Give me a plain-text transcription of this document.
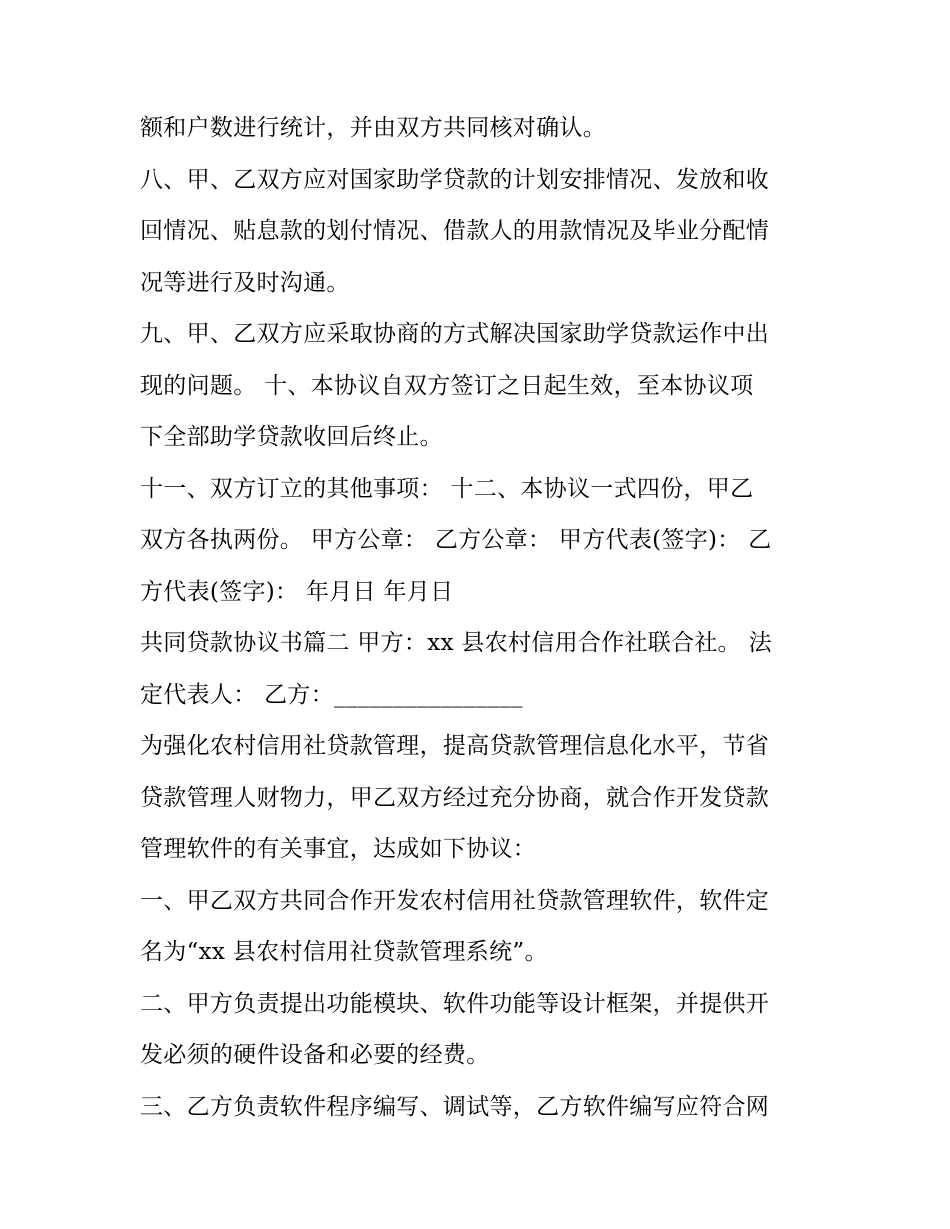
额和户数进行统计，并由双方共同核对确认。
八、甲、乙双方应对国家助学贷款的计划安排情况、发放和收
回情况、贴息款的划付情况、借款人的用款情况及毕业分配情
况等进行及时沟通。
九、甲、乙双方应采取协商的方式解决国家助学贷款运作中出
现的问题。 十、本协议自双方签订之日起生效，至本协议项
下全部助学贷款收回后终止。
十一、双方订立的其他事项： 十二、本协议一式四份，甲乙
双方各执两份。 甲方公章： 乙方公章： 甲方代表(签字)： 乙
方代表(签字)： 年月日 年月日
共同贷款协议书篇二 甲方：xx 县农村信用合作社联合社。 法
定代表人： 乙方：________________
为强化农村信用社贷款管理，提高贷款管理信息化水平，节省
贷款管理人财物力，甲乙双方经过充分协商，就合作开发贷款
管理软件的有关事宜，达成如下协议：
一、甲乙双方共同合作开发农村信用社贷款管理软件，软件定
名为“xx 县农村信用社贷款管理系统”。
二、甲方负责提出功能模块、软件功能等设计框架，并提供开
发必须的硬件设备和必要的经费。
三、乙方负责软件程序编写、调试等，乙方软件编写应符合网
